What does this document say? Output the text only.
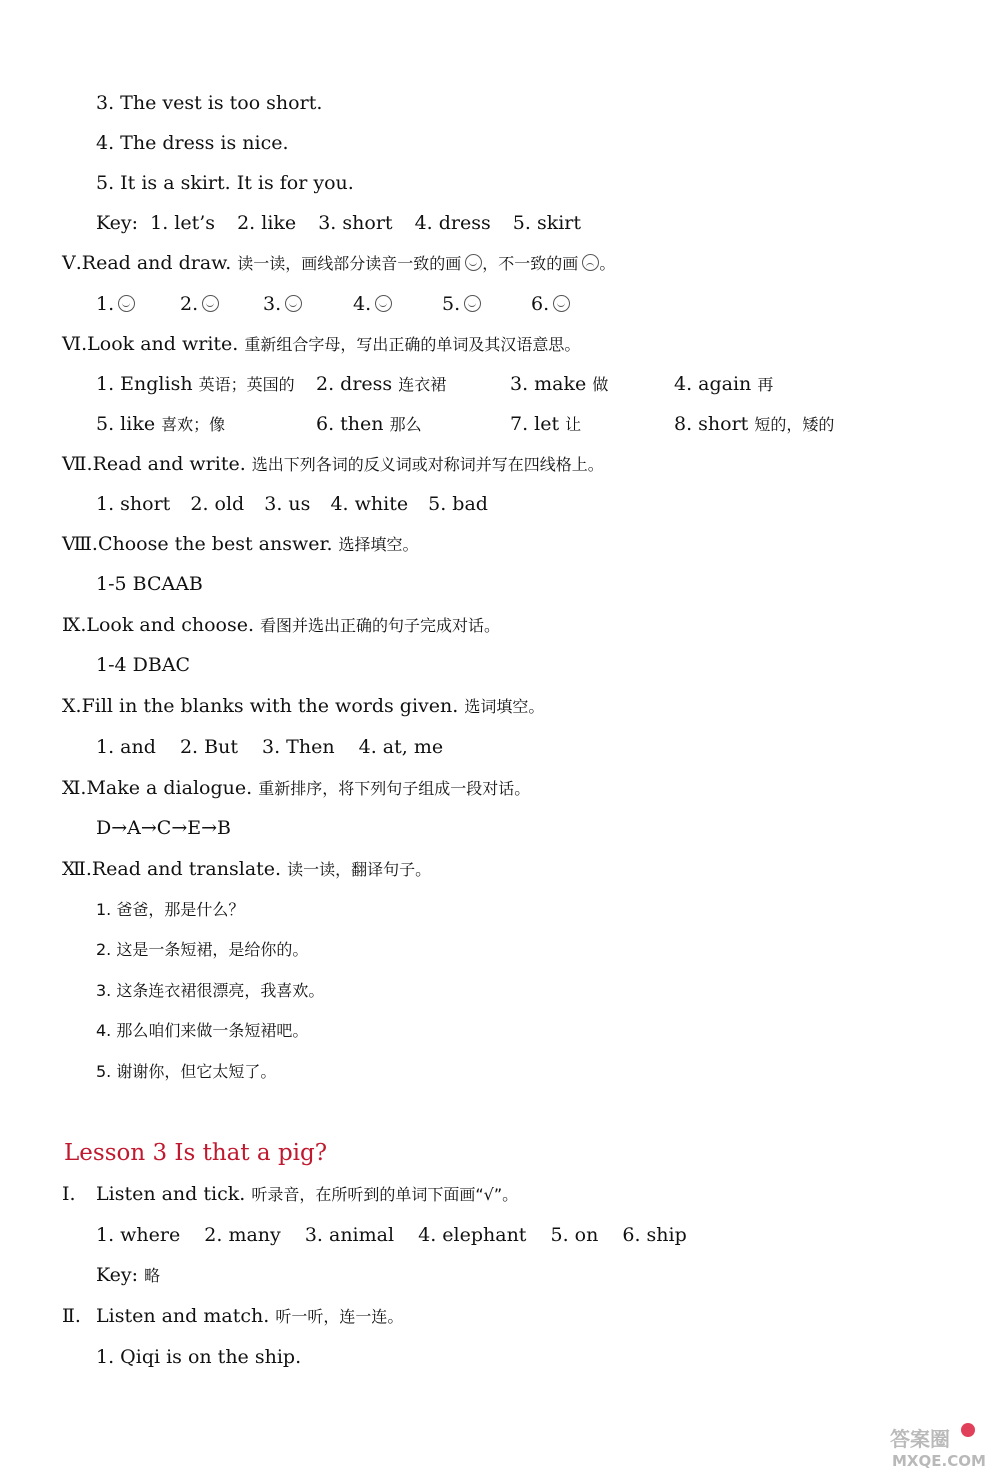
3. The vest is too short.
4. The dress is nice.
5. It is a skirt. It is for you.
Key: 1. let’s 2. like 3. short 4. dress 5. skirt
Ⅴ.Read and draw. 读一读，画线部分读音一致的画 ，不一致的画 。
1.	2.	3.	4.	5.	6.
Ⅵ.Look and write. 重新组合字母，写出正确的单词及其汉语意思。
1. English 英语；英国的 2. dress 连衣裙	3. make 做	4. again 再
5. like 喜欢；像	6. then 那么	7. let 让	8. short 短的，矮的
Ⅶ.Read and write. 选出下列各词的反义词或对称词并写在四线格上。
1. short 2. old 3. us 4. white 5. bad
Ⅷ.Choose the best answer. 选择填空。
1-5 BCAAB
Ⅸ.Look and choose. 看图并选出正确的句子完成对话。
1-4 DBAC
Ⅹ.Fill in the blanks with the words given. 选词填空。
1. and 2. But 3. Then 4. at, me
Ⅺ.Make a dialogue. 重新排序，将下列句子组成一段对话。
D→A→C→E→B
Ⅻ.Read and translate. 读一读，翻译句子。
1. 爸爸，那是什么？
2. 这是一条短裙，是给你的。
3. 这条连衣裙很漂亮，我喜欢。
4. 那么咱们来做一条短裙吧。
5. 谢谢你，但它太短了。
Lesson 3 Is that a pig?
Ⅰ. Listen and tick. 听录音，在所听到的单词下面画“√”。
1. where 2. many 3. animal 4. elephant 5. on 6. ship
Key: 略
Ⅱ. Listen and match. 听一听，连一连。
1. Qiqi is on the ship.
答案圈
MXQE.COM
